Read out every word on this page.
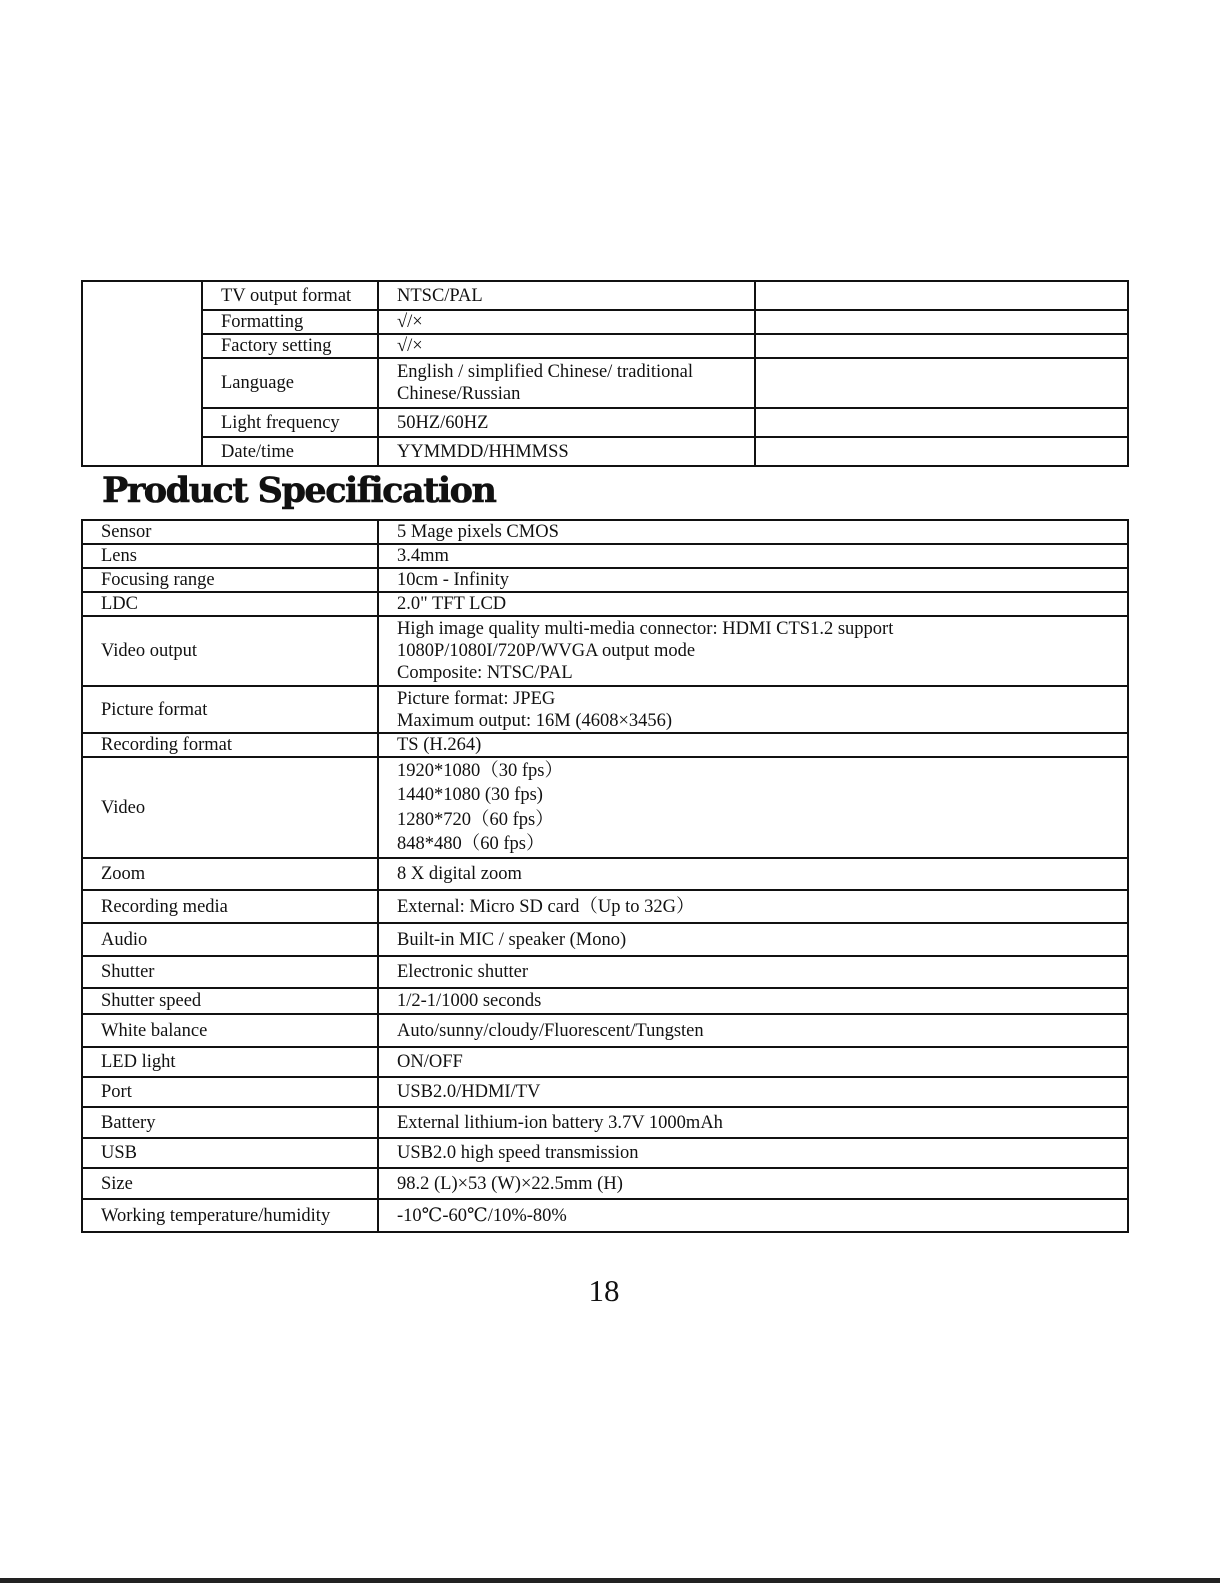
	TV output format	NTSC/PAL	
	Formatting	√/×	
	Factory setting	√/×	
	Language	English / simplified Chinese/ traditional
Chinese/Russian	

	Light frequency	50HZ/60HZ	
	Date/time	YYMMDD/HHMMSS	
Product Specification
Sensor	5 Mage pixels CMOS
Lens	3.4mm
Focusing range	10cm - Infinity
LDC	2.0" TFT LCD
Video output	High image quality multi-media connector: HDMI CTS1.2 support
1080P/1080I/720P/WVGA output mode
Composite: NTSC/PAL

Picture format	Picture format: JPEG
Maximum output: 16M (4608×3456)

Recording format	TS (H.264)
Video	1920*1080（30 fps）
1440*1080 (30 fps)
1280*720（60 fps）
848*480（60 fps）

Zoom	8 X digital zoom
Recording media	External: Micro SD card（Up to 32G）
Audio	Built-in MIC / speaker (Mono)
Shutter	Electronic shutter
Shutter speed	1/2-1/1000 seconds
White balance	Auto/sunny/cloudy/Fluorescent/Tungsten
LED light	ON/OFF
Port	USB2.0/HDMI/TV
Battery	External lithium-ion battery 3.7V 1000mAh
USB	USB2.0 high speed transmission
Size	98.2 (L)×53 (W)×22.5mm (H)
Working temperature/humidity	-10℃-60℃/10%-80%
18
